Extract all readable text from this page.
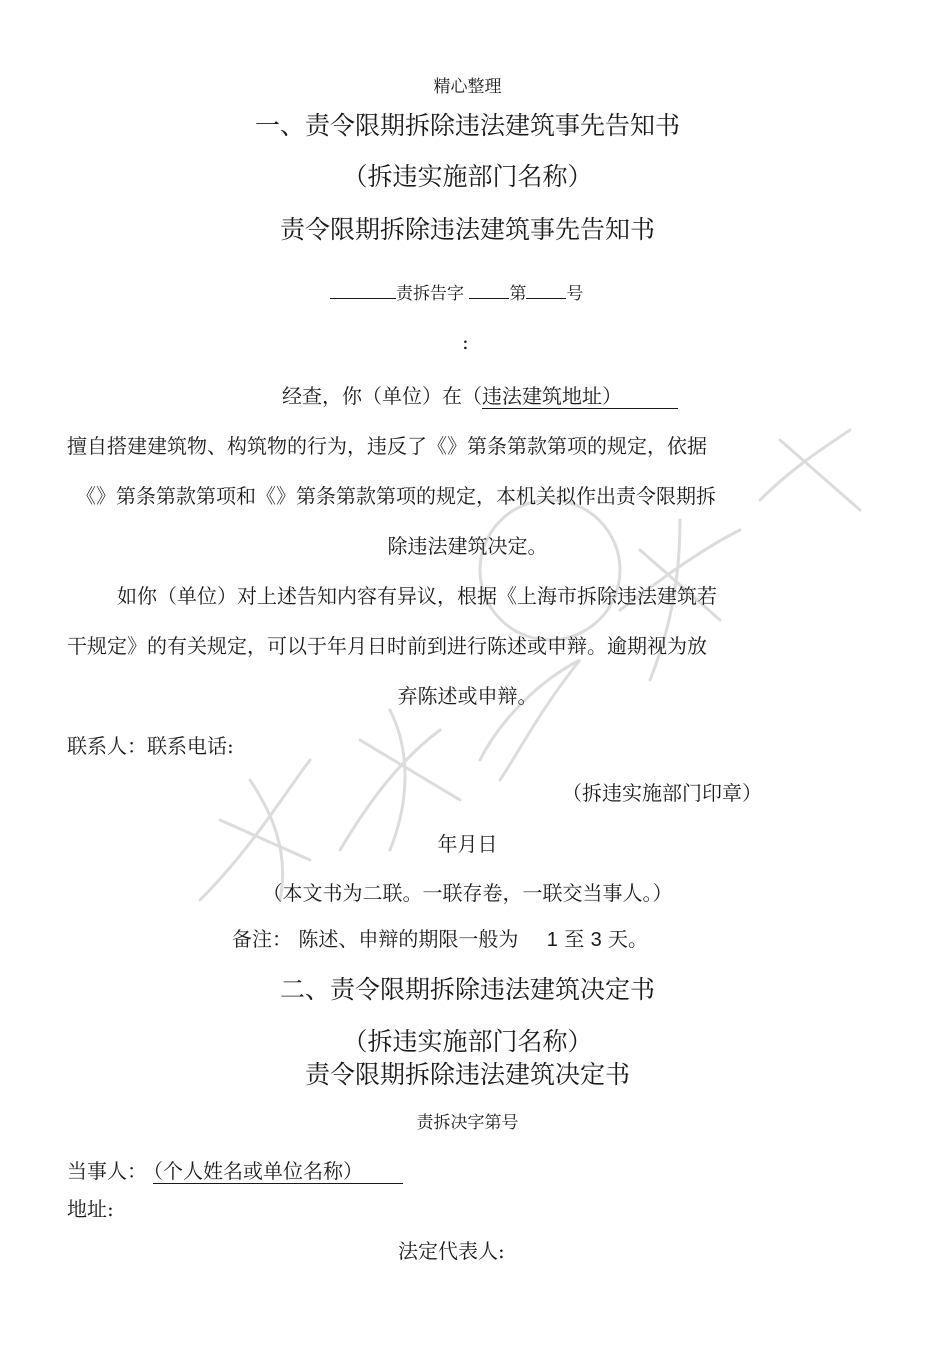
精心整理
一、责令限期拆除违法建筑事先告知书
（拆违实施部门名称）
责令限期拆除违法建筑事先告知书
责拆告字	第 号
:
经查，你（单位）在（违法建筑地址）
擅自搭建建筑物、构筑物的行为，违反了《》第条第款第项的规定，依据
《》第条第款第项和《》第条第款第项的规定，本机关拟作出责令限期拆
除违法建筑决定。
如你（单位）对上述告知内容有异议，根据《上海市拆除违法建筑若
干规定》的有关规定，可以于年月日时前到进行陈述或申辩。逾期视为放
弃陈述或申辩。
联系人：联系电话:
（拆违实施部门印章）
年月日
（本文书为二联。一联存卷，一联交当事人。）
备注： 陈述、申辩的期限一般为 1 至 3 天。
二、责令限期拆除违法建筑决定书
（拆违实施部门名称）
责令限期拆除违法建筑决定书
责拆决字第号
当事人： （个人姓名或单位名称）
地址:
法定代表人:
